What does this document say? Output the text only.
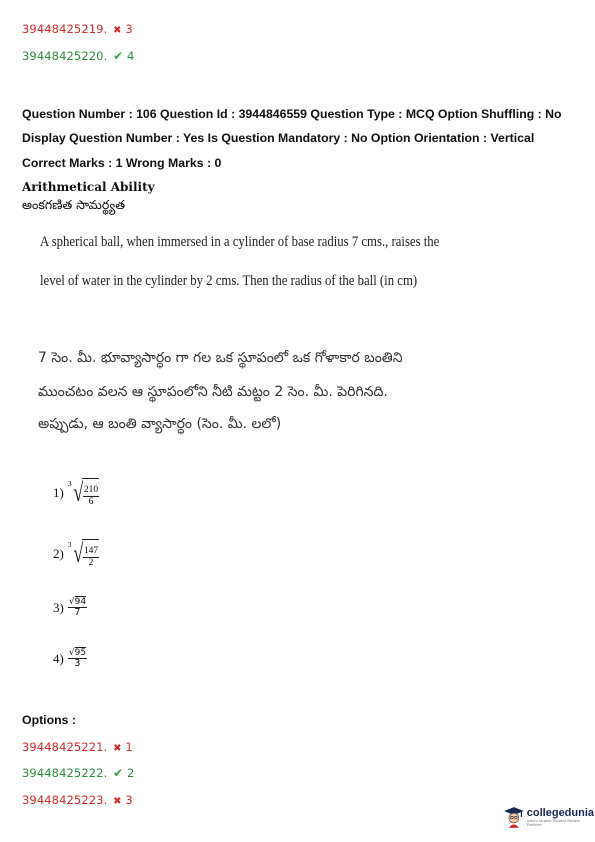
39448425219. ✖ 3
39448425220. ✔ 4
Question Number : 106 Question Id : 3944846559 Question Type : MCQ Option Shuffling : No
Display Question Number : Yes Is Question Mandatory : No Option Orientation : Vertical
Correct Marks : 1 Wrong Marks : 0
Arithmetical Ability
అంకగణిత సామర్థ్యత
A spherical ball, when immersed in a cylinder of base radius 7 cms., raises the
level of water in the cylinder by 2 cms. Then the radius of the ball (in cm)
7 సెం. మీ. భూవ్యాసార్ధం గా గల ఒక స్థూపంలో ఒక గోళాకార బంతిని
ముంచటం వలన ఆ స్థూపంలోని నీటి మట్టం 2 సెం. మీ. పెరిగినది.
అప్పుడు, ఆ బంతి వ్యాసార్ధం (సెం. మీ. లలో)
1)
3 √ $\frac{210}{6}$
2)
3 √ $\frac{147}{2}$
$3) \frac{√94}{7}$
$4) \frac{√95}{3}$
Options :
39448425221. ✖ 1
39448425222. ✔ 2
39448425223. ✖ 3
collegedunia
India's largest Student Review Platform
